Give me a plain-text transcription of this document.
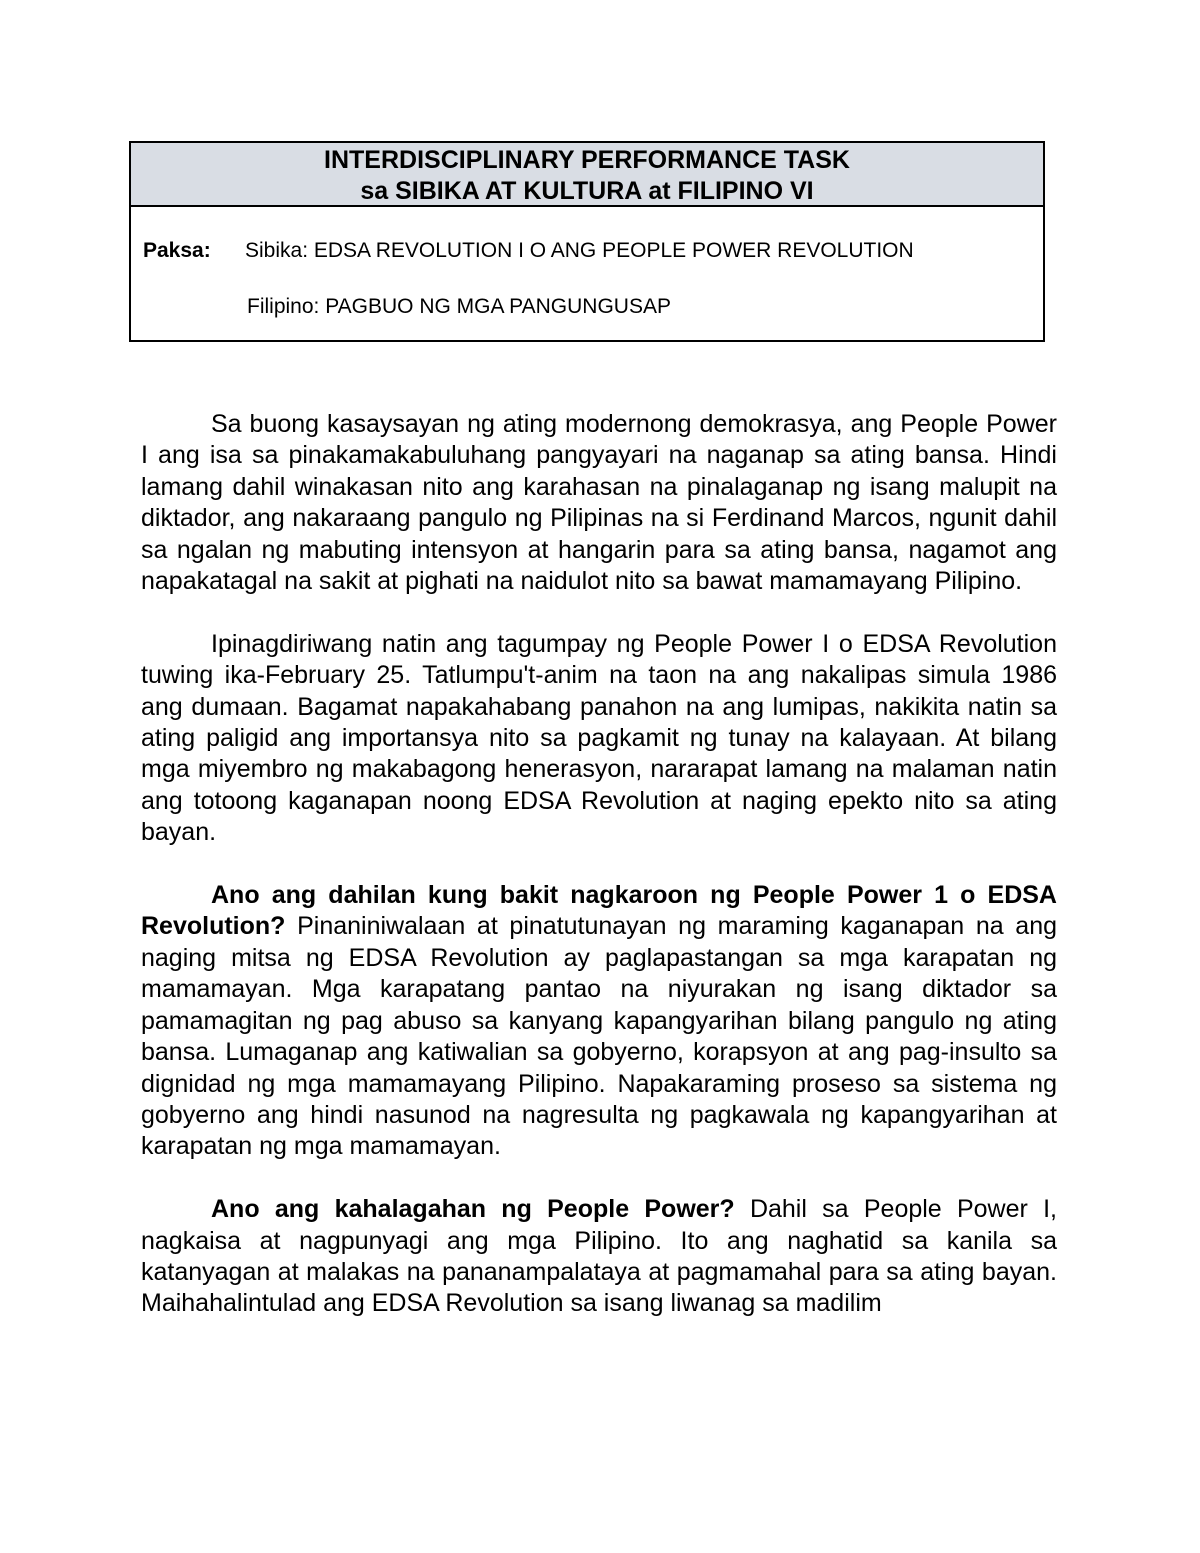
INTERDISCIPLINARY PERFORMANCE TASK
sa SIBIKA AT KULTURA at FILIPINO VI
Paksa: Sibika: EDSA REVOLUTION I O ANG PEOPLE POWER REVOLUTION
Filipino: PAGBUO NG MGA PANGUNGUSAP

Sa buong kasaysayan ng ating modernong demokrasya, ang People Power I ang isa sa pinakamakabuluhang pangyayari na naganap sa ating bansa. Hindi lamang dahil winakasan nito ang karahasan na pinalaganap ng isang malupit na diktador, ang nakaraang pangulo ng Pilipinas na si Ferdinand Marcos, ngunit dahil sa ngalan ng mabuting intensyon at hangarin para sa ating bansa, nagamot ang napakatagal na sakit at pighati na naidulot nito sa bawat mamamayang Pilipino.

Ipinagdiriwang natin ang tagumpay ng People Power I o EDSA Revolution tuwing ika-February 25. Tatlumpu't-anim na taon na ang nakalipas simula 1986 ang dumaan. Bagamat napakahabang panahon na ang lumipas, nakikita natin sa ating paligid ang importansya nito sa pagkamit ng tunay na kalayaan. At bilang mga miyembro ng makabagong henerasyon, nararapat lamang na malaman natin ang totoong kaganapan noong EDSA Revolution at naging epekto nito sa ating bayan.

Ano ang dahilan kung bakit nagkaroon ng People Power 1 o EDSA Revolution? Pinaniniwalaan at pinatutunayan ng maraming kaganapan na ang naging mitsa ng EDSA Revolution ay paglapastangan sa mga karapatan ng mamamayan. Mga karapatang pantao na niyurakan ng isang diktador sa pamamagitan ng pag abuso sa kanyang kapangyarihan bilang pangulo ng ating bansa. Lumaganap ang katiwalian sa gobyerno, korapsyon at ang pag-insulto sa dignidad ng mga mamamayang Pilipino. Napakaraming proseso sa sistema ng gobyerno ang hindi nasunod na nagresulta ng pagkawala ng kapangyarihan at karapatan ng mga mamamayan.

Ano ang kahalagahan ng People Power? Dahil sa People Power I, nagkaisa at nagpunyagi ang mga Pilipino. Ito ang naghatid sa kanila sa katanyagan at malakas na pananampalataya at pagmamahal para sa ating bayan. Maihahalintulad ang EDSA Revolution sa isang liwanag sa madilim
